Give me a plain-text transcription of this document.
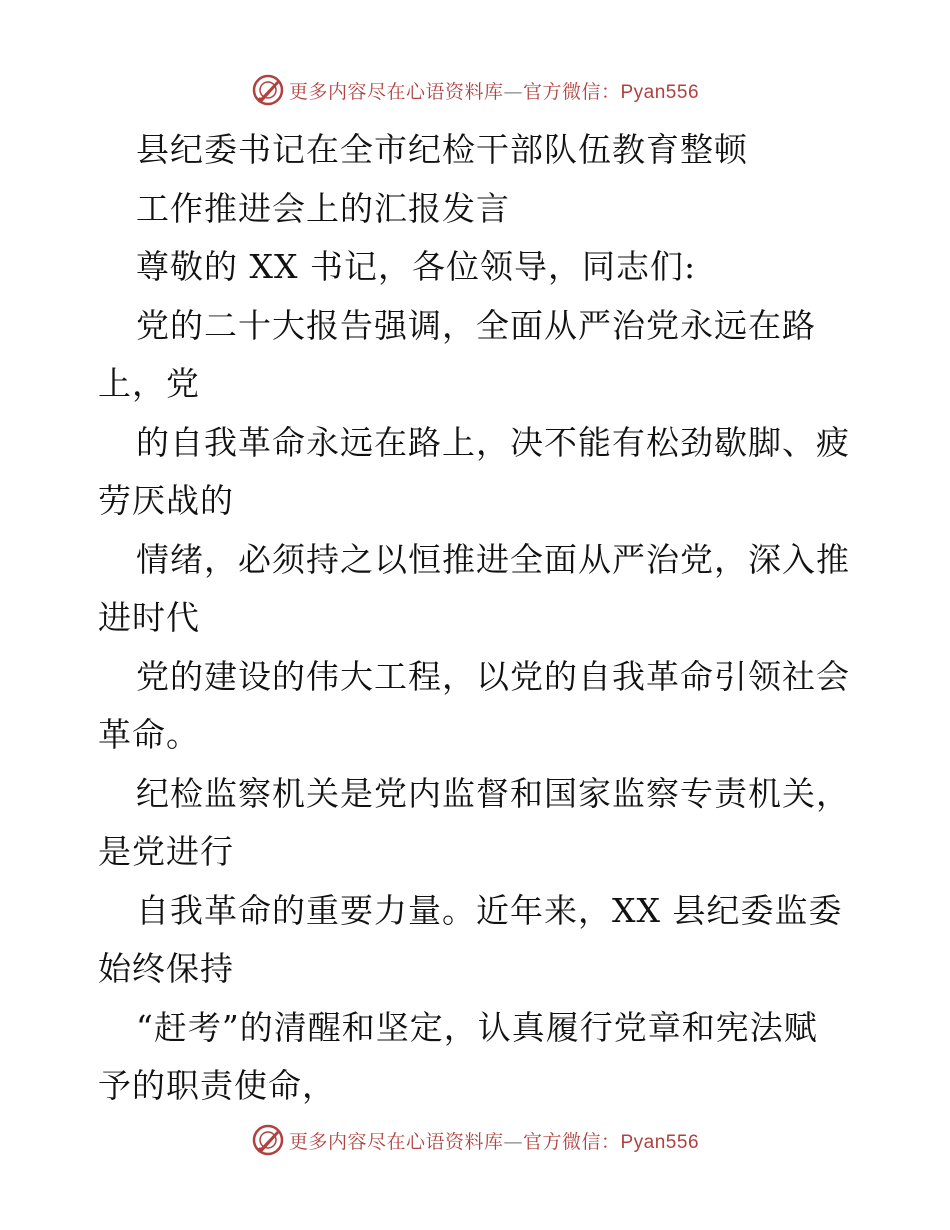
更多内容尽在心语资料库—官方微信：Pyan556
县纪委书记在全市纪检干部队伍教育整顿
工作推进会上的汇报发言
尊敬的 XX 书记，各位领导，同志们:
党的二十大报告强调，全面从严治党永远在路
上，党
的自我革命永远在路上，决不能有松劲歇脚、疲
劳厌战的
情绪，必须持之以恒推进全面从严治党，深入推
进时代
党的建设的伟大工程，以党的自我革命引领社会
革命。
纪检监察机关是党内监督和国家监察专责机关，
是党进行
自我革命的重要力量。近年来，XX 县纪委监委
始终保持
“赶考”的清醒和坚定，认真履行党章和宪法赋
予的职责使命，
更多内容尽在心语资料库—官方微信：Pyan556
